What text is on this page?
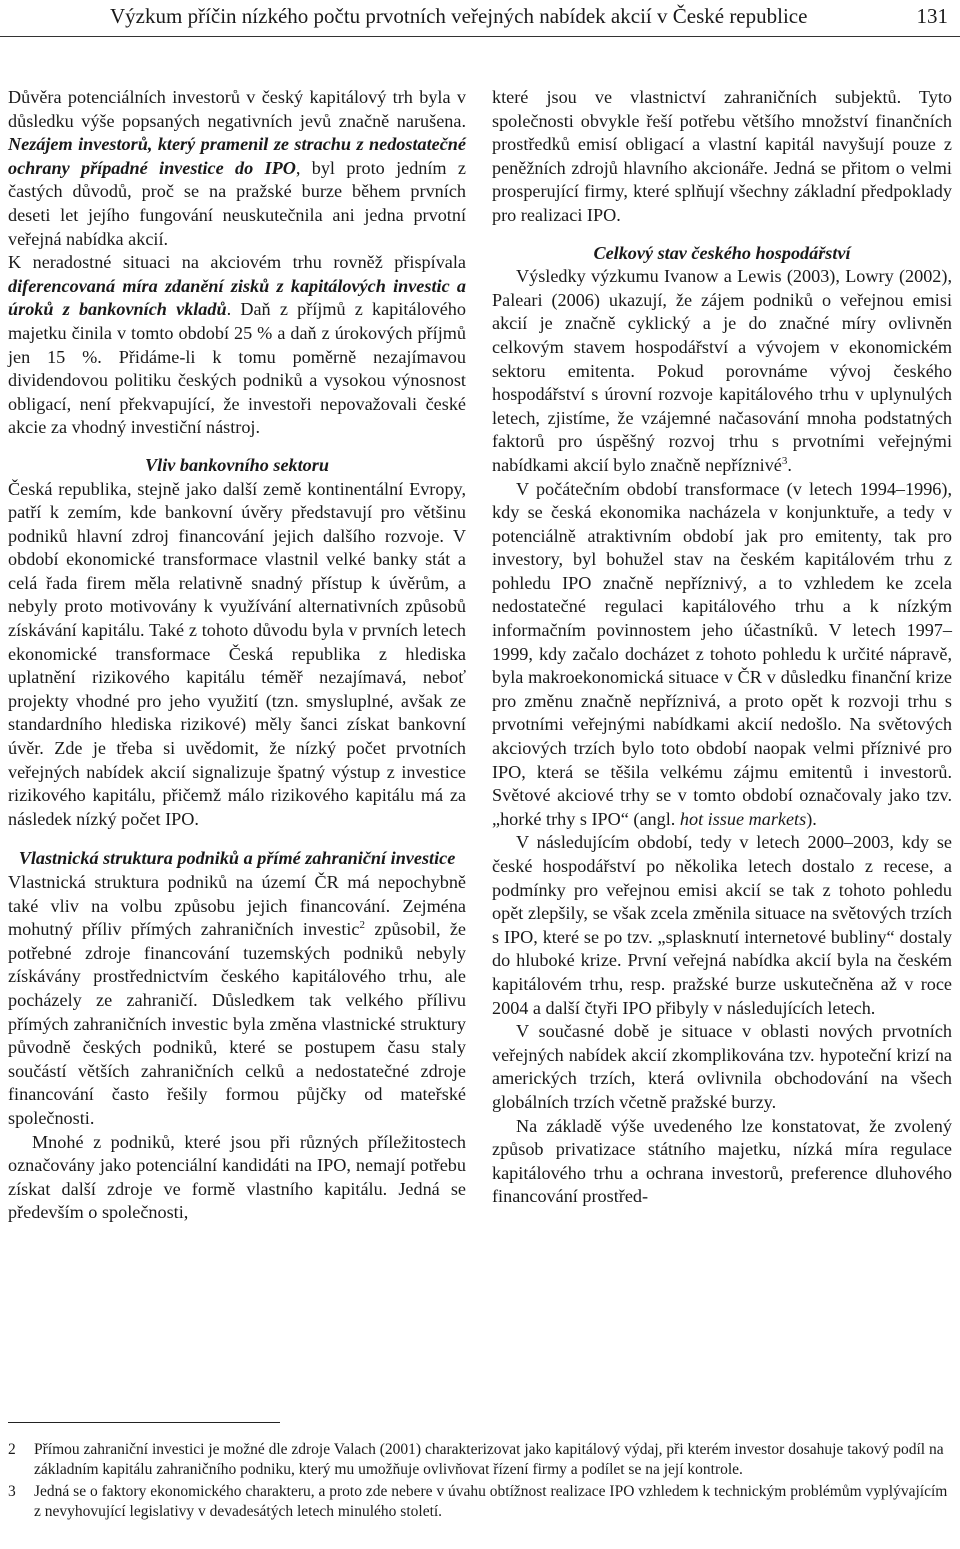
Výzkum příčin nízkého počtu prvotních veřejných nabídek akcií v České republice	131

Důvěra potenciálních investorů v český kapitálový trh byla v důsledku výše popsaných negativních jevů značně narušena. Nezájem investorů, který pramenil ze strachu z nedostatečné ochrany případné investice do IPO, byl proto jedním z častých důvodů, proč se na pražské burze během prvních deseti let jejího fungování neuskutečnila ani jedna prvotní veřejná nabídka akcií.

K neradostné situaci na akciovém trhu rovněž přispívala diferencovaná míra zdanění zisků z kapitálových investic a úroků z bankovních vkladů. Daň z příjmů z kapitálového majetku činila v tomto období 25 % a daň z úrokových příjmů jen 15 %. Přidáme-li k tomu poměrně nezajímavou dividendovou politiku českých podniků a vysokou výnosnost obligací, není překvapující, že investoři nepovažovali české akcie za vhodný investiční nástroj.

Vliv bankovního sektoru

Česká republika, stejně jako další země kontinentální Evropy, patří k zemím, kde bankovní úvěry představují pro většinu podniků hlavní zdroj financování jejich dalšího rozvoje. V období ekonomické transformace vlastnil velké banky stát a celá řada firem měla relativně snadný přístup k úvěrům, a nebyly proto motivovány k využívání alternativních způsobů získávání kapitálu. Také z tohoto důvodu byla v prvních letech ekonomické transformace Česká republika z hlediska uplatnění rizikového kapitálu téměř nezajímavá, neboť projekty vhodné pro jeho využití (tzn. smysluplné, avšak ze standardního hlediska rizikové) měly šanci získat bankovní úvěr. Zde je třeba si uvědomit, že nízký počet prvotních veřejných nabídek akcií signalizuje špatný výstup z investice rizikového kapitálu, přičemž málo rizikového kapitálu má za následek nízký počet IPO.

Vlastnická struktura podniků a přímé zahraniční investice

Vlastnická struktura podniků na území ČR má nepochybně také vliv na volbu způsobu jejich financování. Zejména mohutný příliv přímých zahraničních investic$^2$ způsobil, že potřebné zdroje financování tuzemských podniků nebyly získávány prostřednictvím českého kapitálového trhu, ale pocházely ze zahraničí. Důsledkem tak velkého přílivu přímých zahraničních investic byla změna vlastnické struktury původně českých podniků, které se postupem času staly součástí větších zahraničních celků a nedostatečné zdroje financování často řešily formou půjčky od mateřské společnosti.

Mnohé z podniků, které jsou při různých příležitostech označovány jako potenciální kandidáti na IPO, nemají potřebu získat další zdroje ve formě vlastního kapitálu. Jedná se především o společnosti,

které jsou ve vlastnictví zahraničních subjektů. Tyto společnosti obvykle řeší potřebu většího množství finančních prostředků emisí obligací a vlastní kapitál navyšují pouze z peněžních zdrojů hlavního akcionáře. Jedná se přitom o velmi prosperující firmy, které splňují všechny základní předpoklady pro realizaci IPO.

Celkový stav českého hospodářství

Výsledky výzkumu Ivanow a Lewis (2003), Lowry (2002), Paleari (2006) ukazují, že zájem podniků o veřejnou emisi akcií je značně cyklický a je do značné míry ovlivněn celkovým stavem hospodářství a vývojem v ekonomickém sektoru emitenta. Pokud porovnáme vývoj českého hospodářství s úrovní rozvoje kapitálového trhu v uplynulých letech, zjistíme, že vzájemné načasování mnoha podstatných faktorů pro úspěšný rozvoj trhu s prvotními veřejnými nabídkami akcií bylo značně nepříznivé$^3$.

V počátečním období transformace (v letech 1994–1996), kdy se česká ekonomika nacházela v konjunktuře, a tedy v potenciálně atraktivním období jak pro emitenty, tak pro investory, byl bohužel stav na českém kapitálovém trhu z pohledu IPO značně nepříznivý, a to vzhledem ke zcela nedostatečné regulaci kapitálového trhu a k nízkým informačním povinnostem jeho účastníků. V letech 1997–1999, kdy začalo docházet z tohoto pohledu k určité nápravě, byla makroekonomická situace v ČR v důsledku finanční krize pro změnu značně nepříznivá, a proto opět k rozvoji trhu s prvotními veřejnými nabídkami akcií nedošlo. Na světových akciových trzích bylo toto období naopak velmi příznivé pro IPO, která se těšila velkému zájmu emitentů i investorů. Světové akciové trhy se v tomto období označovaly jako tzv. „horké trhy s IPO“ (angl. hot issue markets).

V následujícím období, tedy v letech 2000–2003, kdy se české hospodářství po několika letech dostalo z recese, a podmínky pro veřejnou emisi akcií se tak z tohoto pohledu opět zlepšily, se však zcela změnila situace na světových trzích s IPO, které se po tzv. „splasknutí internetové bubliny“ dostaly do hluboké krize. První veřejná nabídka akcií byla na českém kapitálovém trhu, resp. pražské burze uskutečněna až v roce 2004 a další čtyři IPO přibyly v následujících letech.

V současné době je situace v oblasti nových prvotních veřejných nabídek akcií zkomplikována tzv. hypoteční krizí na amerických trzích, která ovlivnila obchodování na všech globálních trzích včetně pražské burzy.

Na základě výše uvedeného lze konstatovat, že zvolený způsob privatizace státního majetku, nízká míra regulace kapitálového trhu a ochrana investorů, preference dluhového financování prostřed-

2 Přímou zahraniční investici je možné dle zdroje Valach (2001) charakterizovat jako kapitálový výdaj, při kterém investor dosahuje takový podíl na základním kapitálu zahraničního podniku, který mu umožňuje ovlivňovat řízení firmy a podílet se na její kontrole.
3 Jedná se o faktory ekonomického charakteru, a proto zde nebere v úvahu obtížnost realizace IPO vzhledem k technickým problémům vyplývajícím z nevyhovující legislativy v devadesátých letech minulého století.
